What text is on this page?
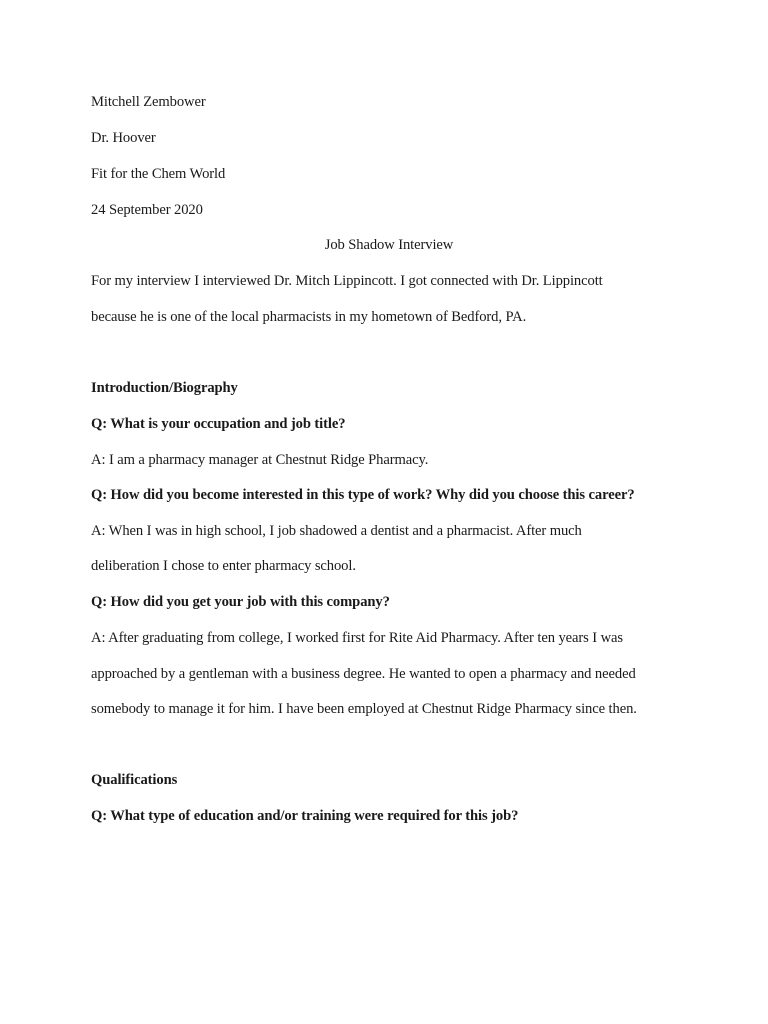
Mitchell Zembower
Dr. Hoover
Fit for the Chem World
24 September 2020
Job Shadow Interview
For my interview I interviewed Dr. Mitch Lippincott. I got connected with Dr. Lippincott
because he is one of the local pharmacists in my hometown of Bedford, PA.
Introduction/Biography
Q: What is your occupation and job title?
A: I am a pharmacy manager at Chestnut Ridge Pharmacy.
Q: How did you become interested in this type of work? Why did you choose this career?
A: When I was in high school, I job shadowed a dentist and a pharmacist. After much
deliberation I chose to enter pharmacy school.
Q: How did you get your job with this company?
A: After graduating from college, I worked first for Rite Aid Pharmacy. After ten years I was
approached by a gentleman with a business degree. He wanted to open a pharmacy and needed
somebody to manage it for him. I have been employed at Chestnut Ridge Pharmacy since then.
Qualifications
Q: What type of education and/or training were required for this job?
